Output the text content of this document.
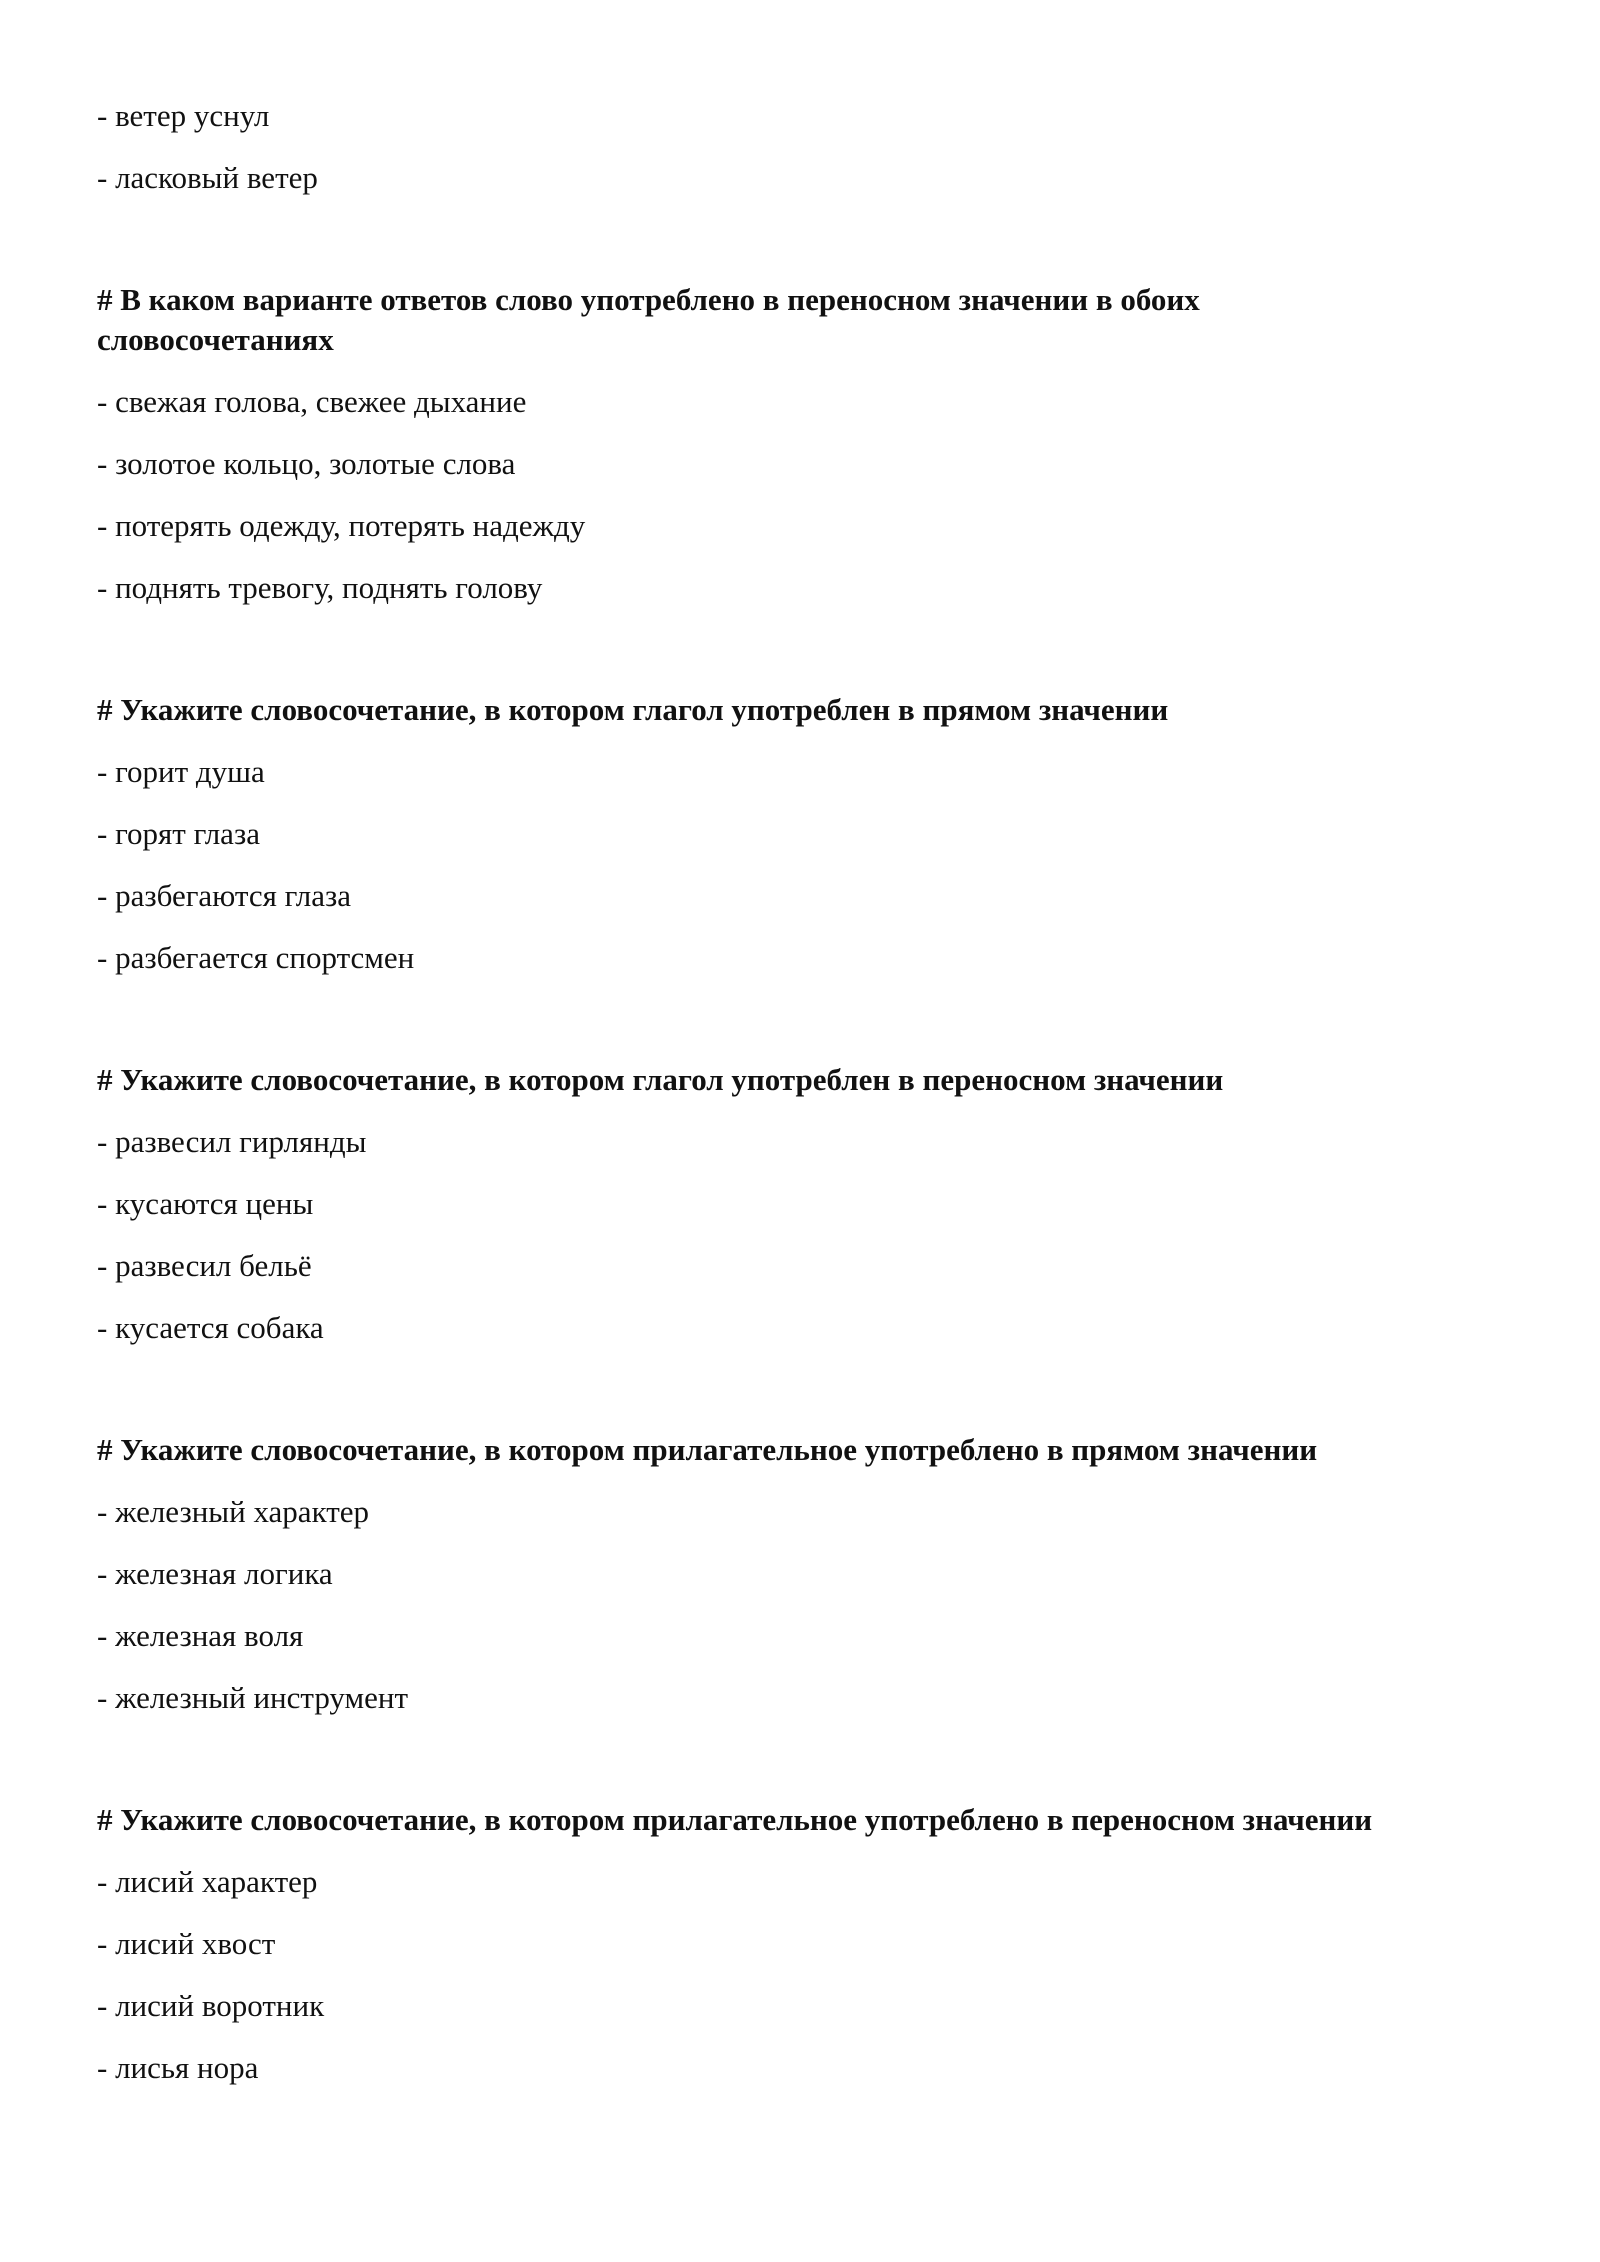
- ветер уснул
- ласковый ветер
# В каком варианте ответов слово употреблено в переносном значении в обоих словосочетаниях
- свежая голова, свежее дыхание
- золотое кольцо, золотые слова
- потерять одежду, потерять надежду
- поднять тревогу, поднять голову
# Укажите словосочетание, в котором глагол употреблен в прямом значении
- горит душа
- горят глаза
- разбегаются глаза
- разбегается спортсмен
# Укажите словосочетание, в котором глагол употреблен в переносном значении
- развесил гирлянды
- кусаются цены
- развесил бельё
- кусается собака
# Укажите словосочетание, в котором прилагательное употреблено в прямом значении
- железный характер
- железная логика
- железная воля
- железный инструмент
# Укажите словосочетание, в котором прилагательное употреблено в переносном значении
- лисий характер
- лисий хвост
- лисий воротник
- лисья нора
